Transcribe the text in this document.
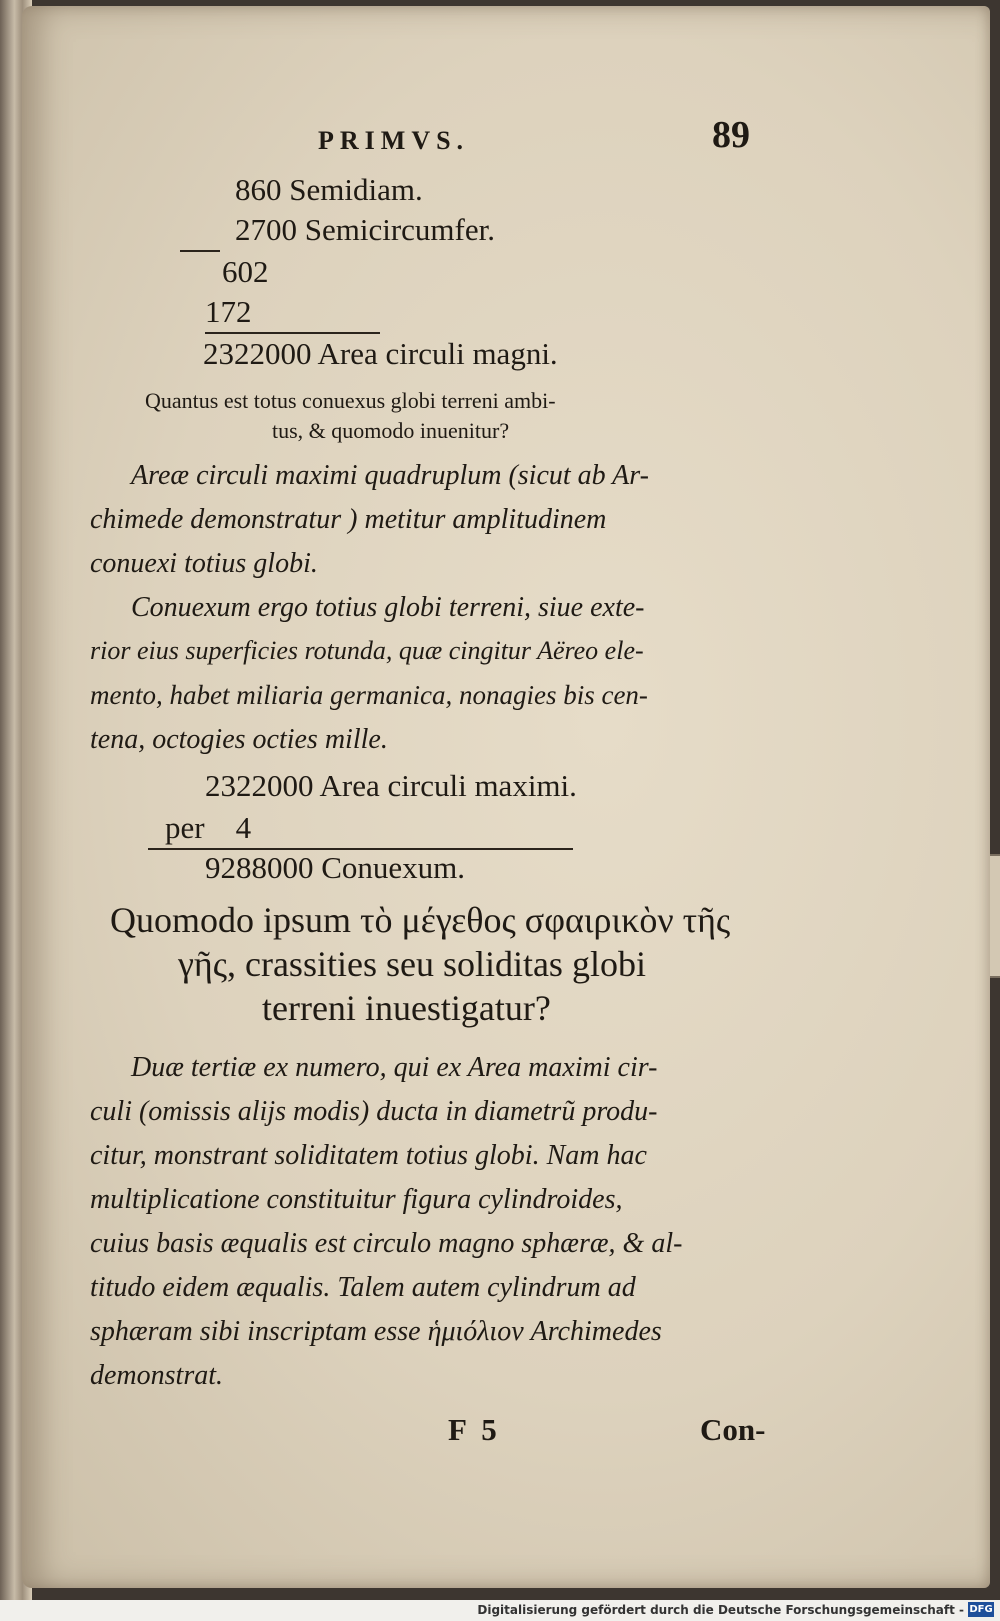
PRIMVS.	89
860 Semidiam.
2700 Semicircumfer.
602
172
2322000 Area circuli magni.
Quantus est totus conuexus globi terreni ambi-
tus, & quomodo inuenitur?
Areæ circuli maximi quadruplum (sicut ab Ar-
chimede demonstratur ) metitur amplitudinem
conuexi totius globi.
Conuexum ergo totius globi terreni, siue exte-
rior eius superficies rotunda, quæ cingitur Aëreo ele-
mento, habet miliaria germanica, nonagies bis cen-
tena, octogies octies mille.
2322000 Area circuli maximi.
per    4
9288000 Conuexum.
Quomodo ipsum τὸ μέγεθος σφαιρικὸν τῆς
γῆς, crassities seu soliditas globi
terreni inuestigatur?
Duæ tertiæ ex numero, qui ex Area maximi cir-
culi (omissis alijs modis) ducta in diametrũ produ-
citur, monstrant soliditatem totius globi. Nam hac
multiplicatione constituitur figura cylindroides,
cuius basis æqualis est circulo magno sphæræ, & al-
titudo eidem æqualis. Talem autem cylindrum ad
sphæram sibi inscriptam esse ἡμιόλιον Archimedes
demonstrat.
F  5	Con-
Digitalisierung gefördert durch die Deutsche Forschungsgemeinschaft - DFG
